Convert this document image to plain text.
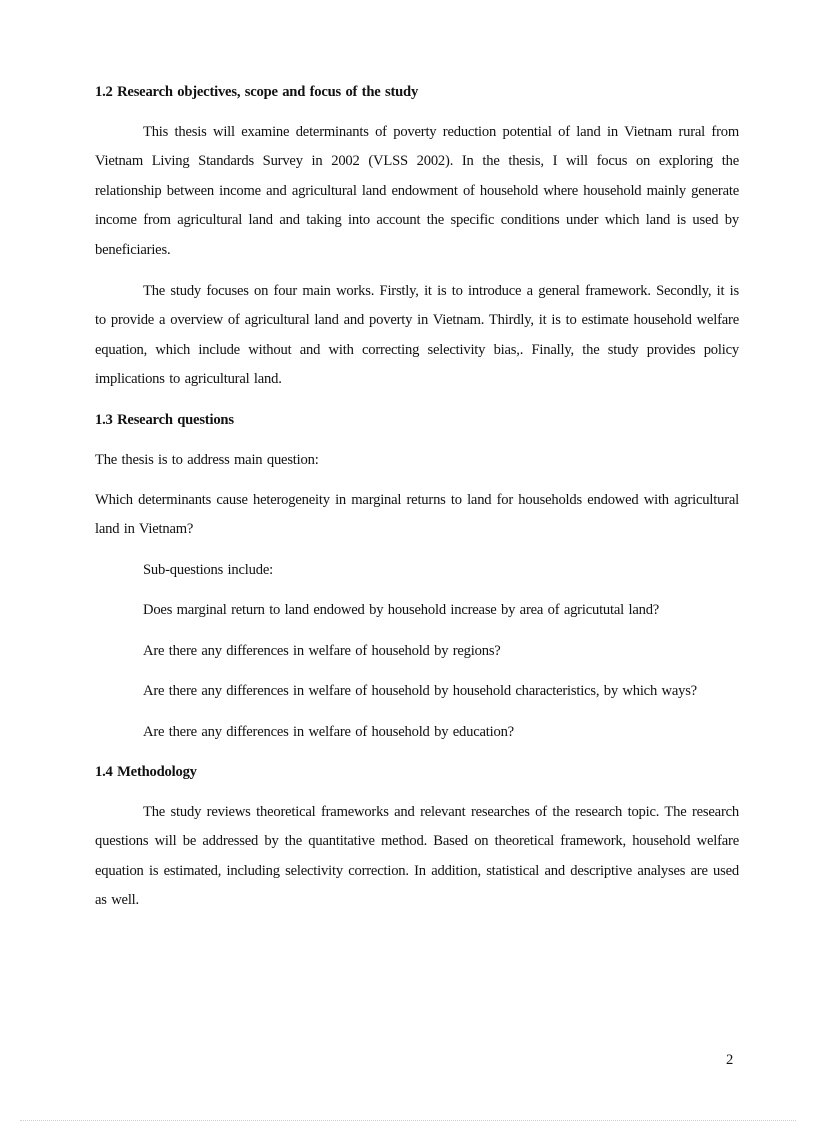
1.2 Research objectives, scope and focus of the study

This thesis will examine determinants of poverty reduction potential of land in Vietnam rural from Vietnam Living Standards Survey in 2002 (VLSS 2002). In the thesis, I will focus on exploring the relationship between income and agricultural land endowment of household where household mainly generate income from agricultural land and taking into account the specific conditions under which land is used by beneficiaries.

The study focuses on four main works. Firstly, it is to introduce a general framework. Secondly, it is to provide a overview of agricultural land and poverty in Vietnam. Thirdly, it is to estimate household welfare equation, which include without and with correcting selectivity bias,. Finally, the study provides policy implications to agricultural land.

1.3 Research questions

The thesis is to address main question:

Which determinants cause heterogeneity in marginal returns to land for households endowed with agricultural land in Vietnam?

Sub-questions include:

Does marginal return to land endowed by household increase by area of agricututal land?

Are there any differences in welfare of household by regions?

Are there any differences in welfare of household by household characteristics, by which ways?

Are there any differences in welfare of household by education?

1.4 Methodology

The study reviews theoretical frameworks and relevant researches of the research topic. The research questions will be addressed by the quantitative method. Based on theoretical framework, household welfare equation is estimated, including selectivity correction. In addition, statistical and descriptive analyses are used as well.

2
